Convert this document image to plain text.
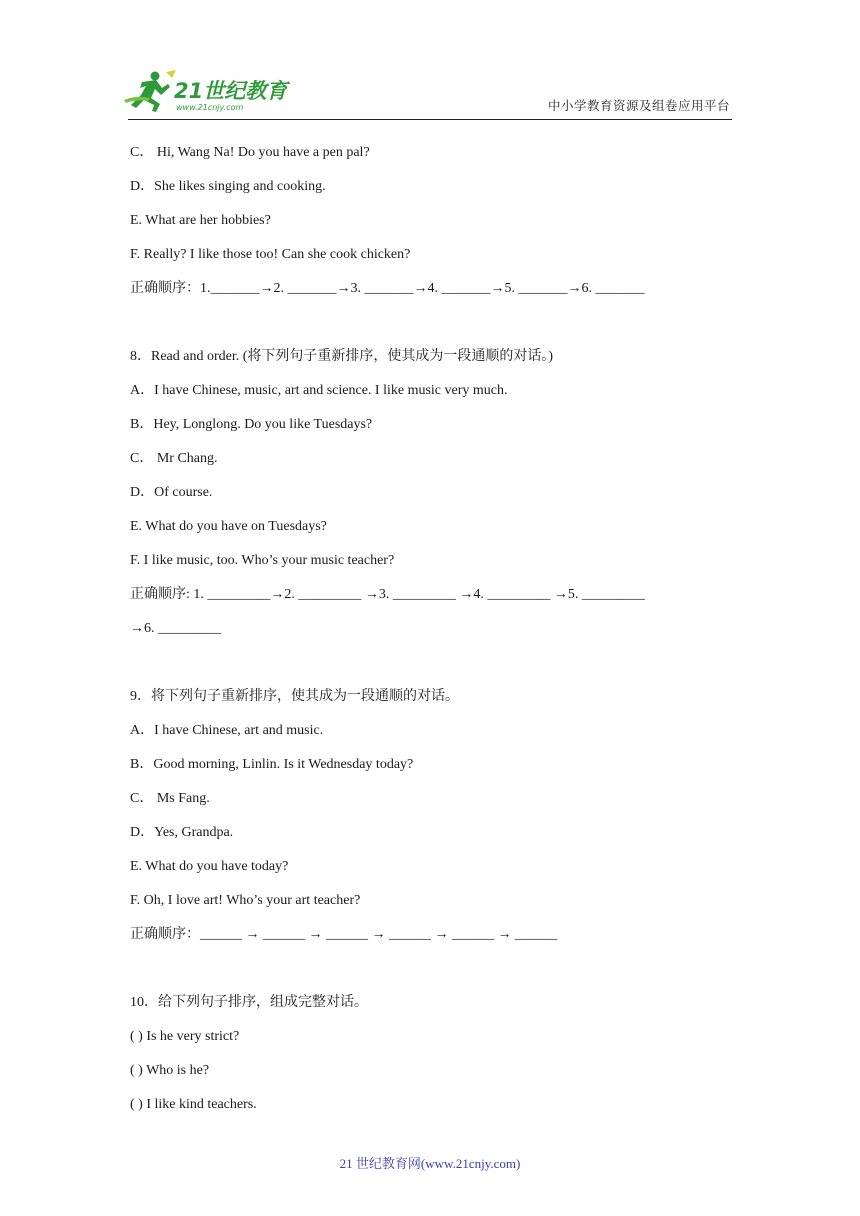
21世纪教育
www.21cnjy.com	中小学教育资源及组卷应用平台
C． Hi, Wang Na! Do you have a pen pal?
D．She likes singing and cooking.
E. What are her hobbies?
F. Really? I like those too! Can she cook chicken?
正确顺序：1._______→2. _______→3. _______→4. _______→5. _______→6. _______
8．Read and order. (将下列句子重新排序，使其成为一段通顺的对话。)
A．I have Chinese, music, art and science. I like music very much.
B．Hey, Longlong. Do you like Tuesdays?
C． Mr Chang.
D．Of course.
E. What do you have on Tuesdays?
F. I like music, too. Who’s your music teacher?
正确顺序: 1. _________→2. _________ →3. _________ →4. _________ →5. _________
→6. _________
9．将下列句子重新排序，使其成为一段通顺的对话。
A．I have Chinese, art and music.
B．Good morning, Linlin. Is it Wednesday today?
C． Ms Fang.
D．Yes, Grandpa.
E. What do you have today?
F. Oh, I love art! Who’s your art teacher?
正确顺序：______ → ______ → ______ → ______ → ______ → ______
10．给下列句子排序，组成完整对话。
( ) Is he very strict?
( ) Who is he?
( ) I like kind teachers.
21 世纪教育网(www.21cnjy.com)
